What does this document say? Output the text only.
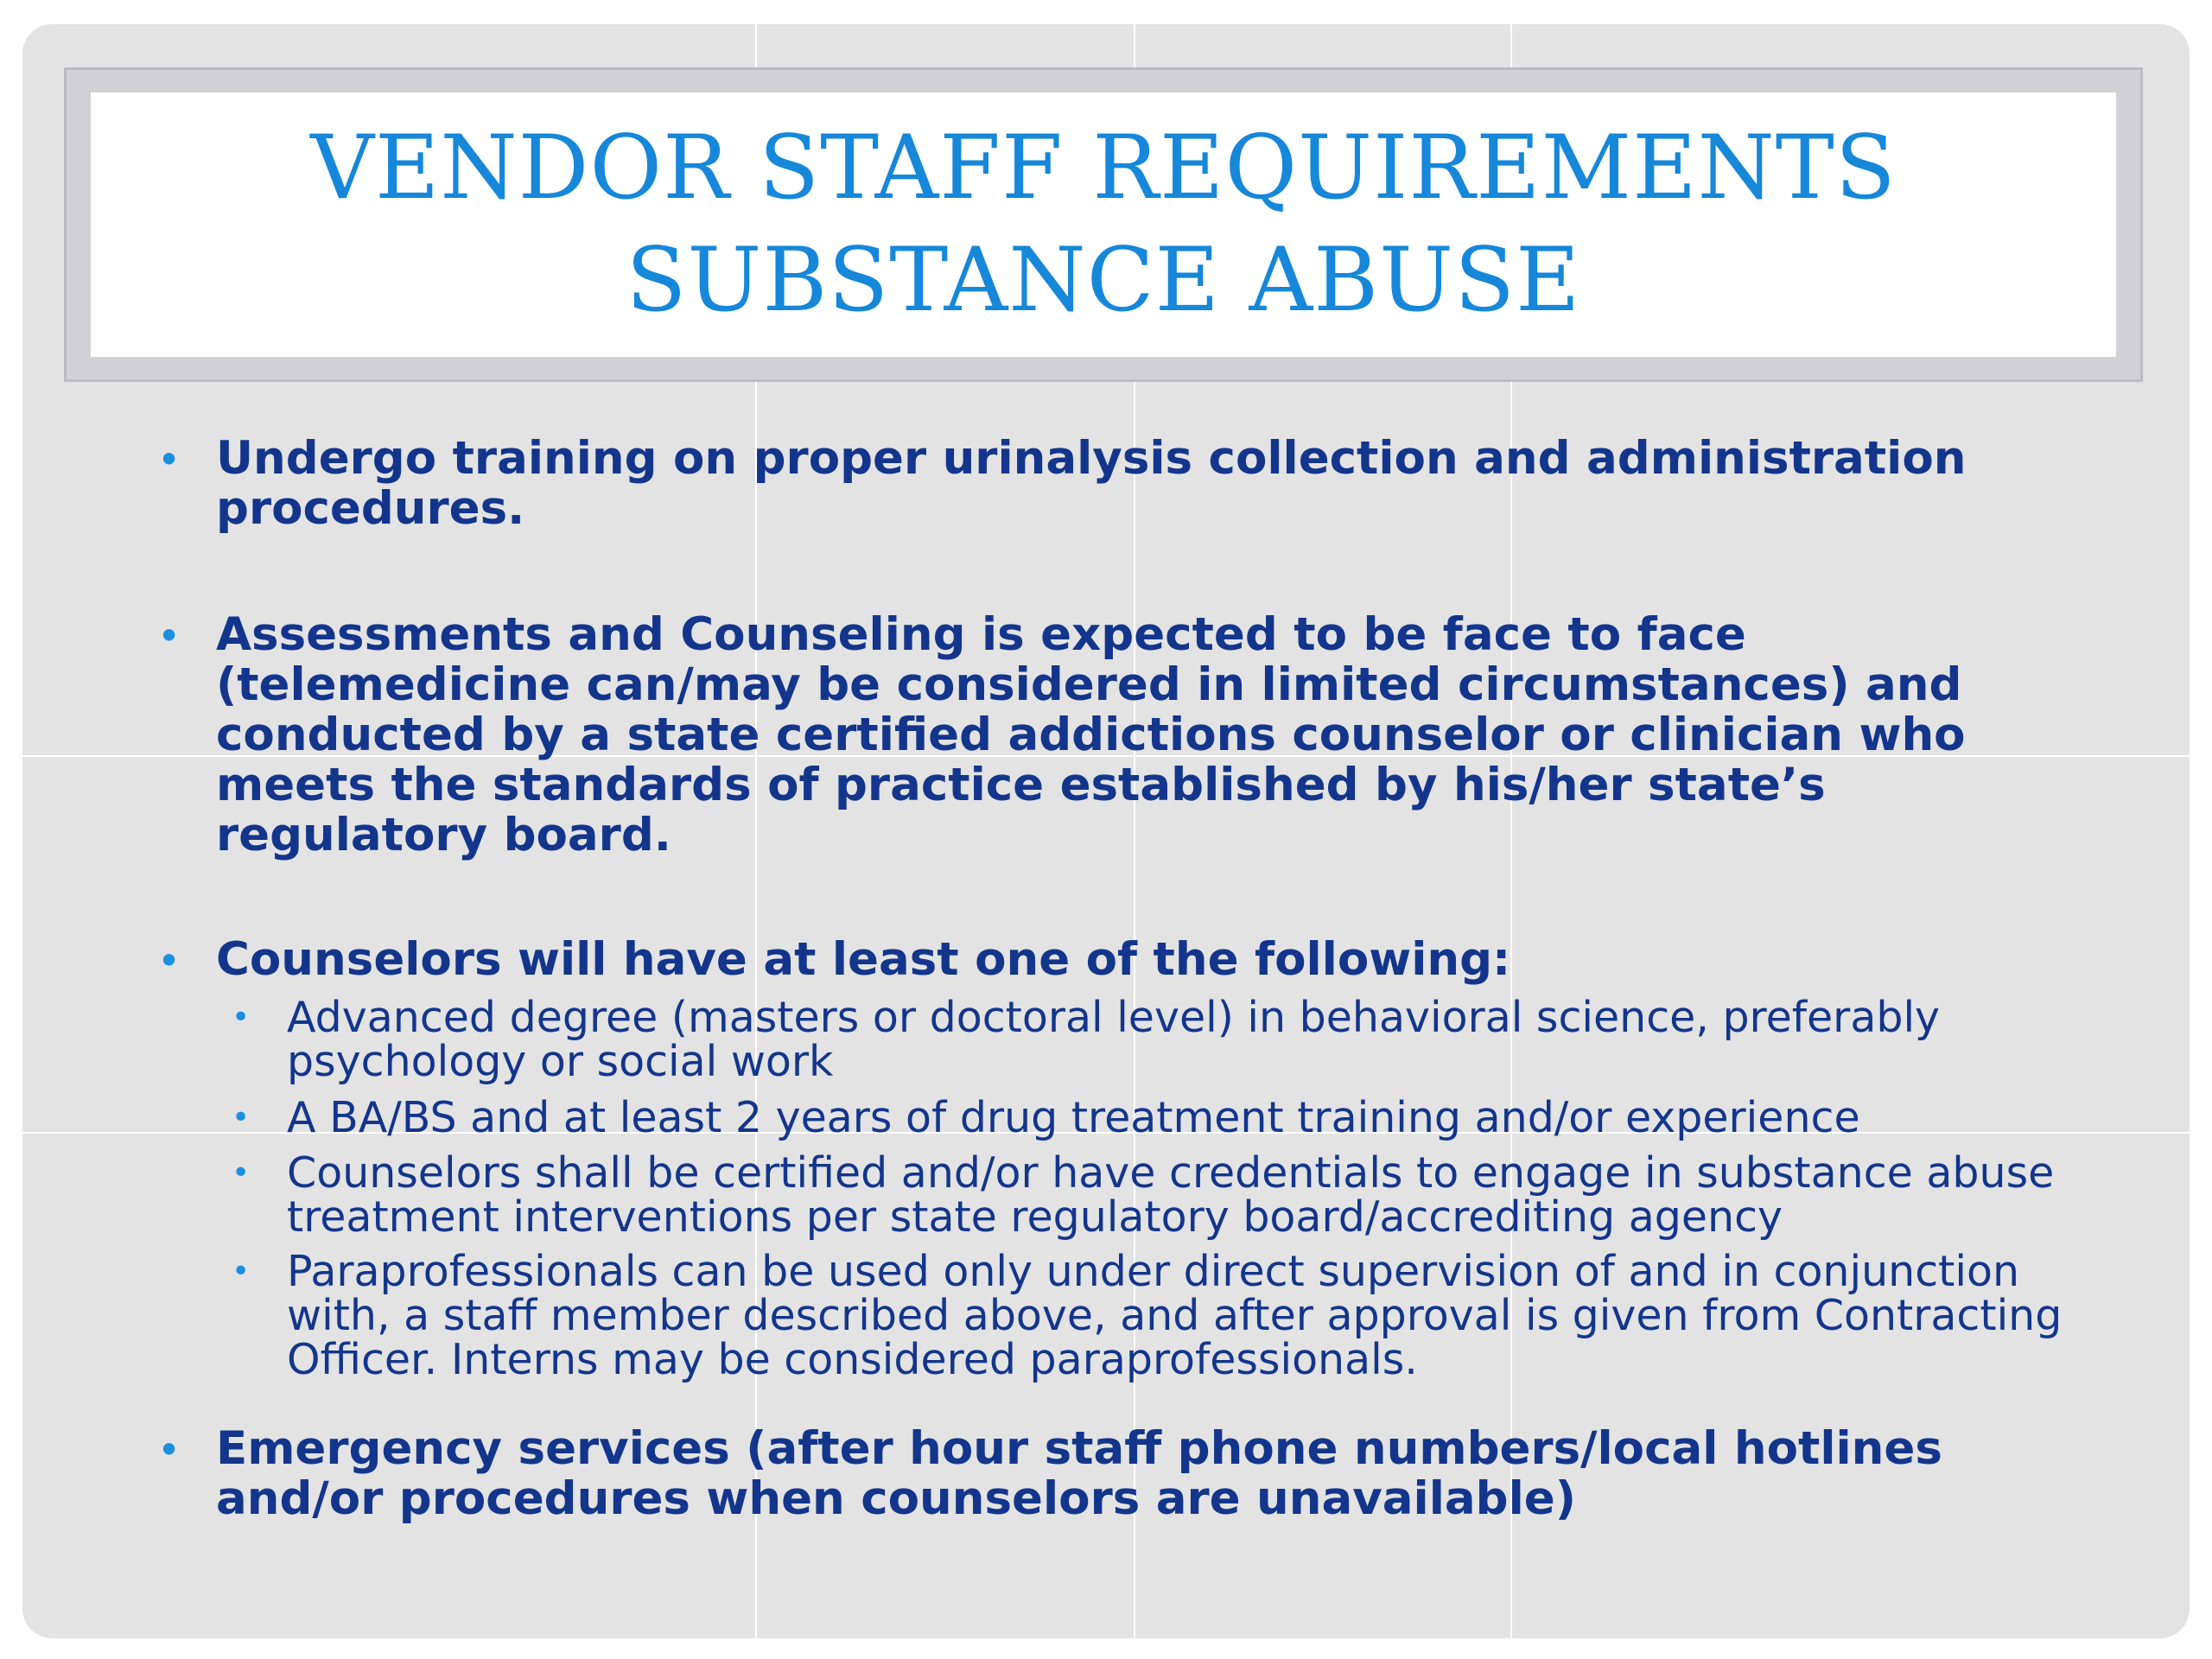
VENDOR STAFF REQUIREMENTS
SUBSTANCE ABUSE
• Undergo training on proper urinalysis collection and administration procedures.
• Assessments and Counseling is expected to be face to face (telemedicine can/may be considered in limited circumstances) and conducted by a state certified addictions counselor or clinician who meets the standards of practice established by his/her state’s regulatory board.
• Counselors will have at least one of the following:
• Advanced degree (masters or doctoral level) in behavioral science, preferably psychology or social work
• A BA/BS and at least 2 years of drug treatment training and/or experience
• Counselors shall be certified and/or have credentials to engage in substance abuse treatment interventions per state regulatory board/accrediting agency
• Paraprofessionals can be used only under direct supervision of and in conjunction with, a staff member described above, and after approval is given from Contracting Officer. Interns may be considered paraprofessionals.
• Emergency services (after hour staff phone numbers/local hotlines and/or procedures when counselors are unavailable)
